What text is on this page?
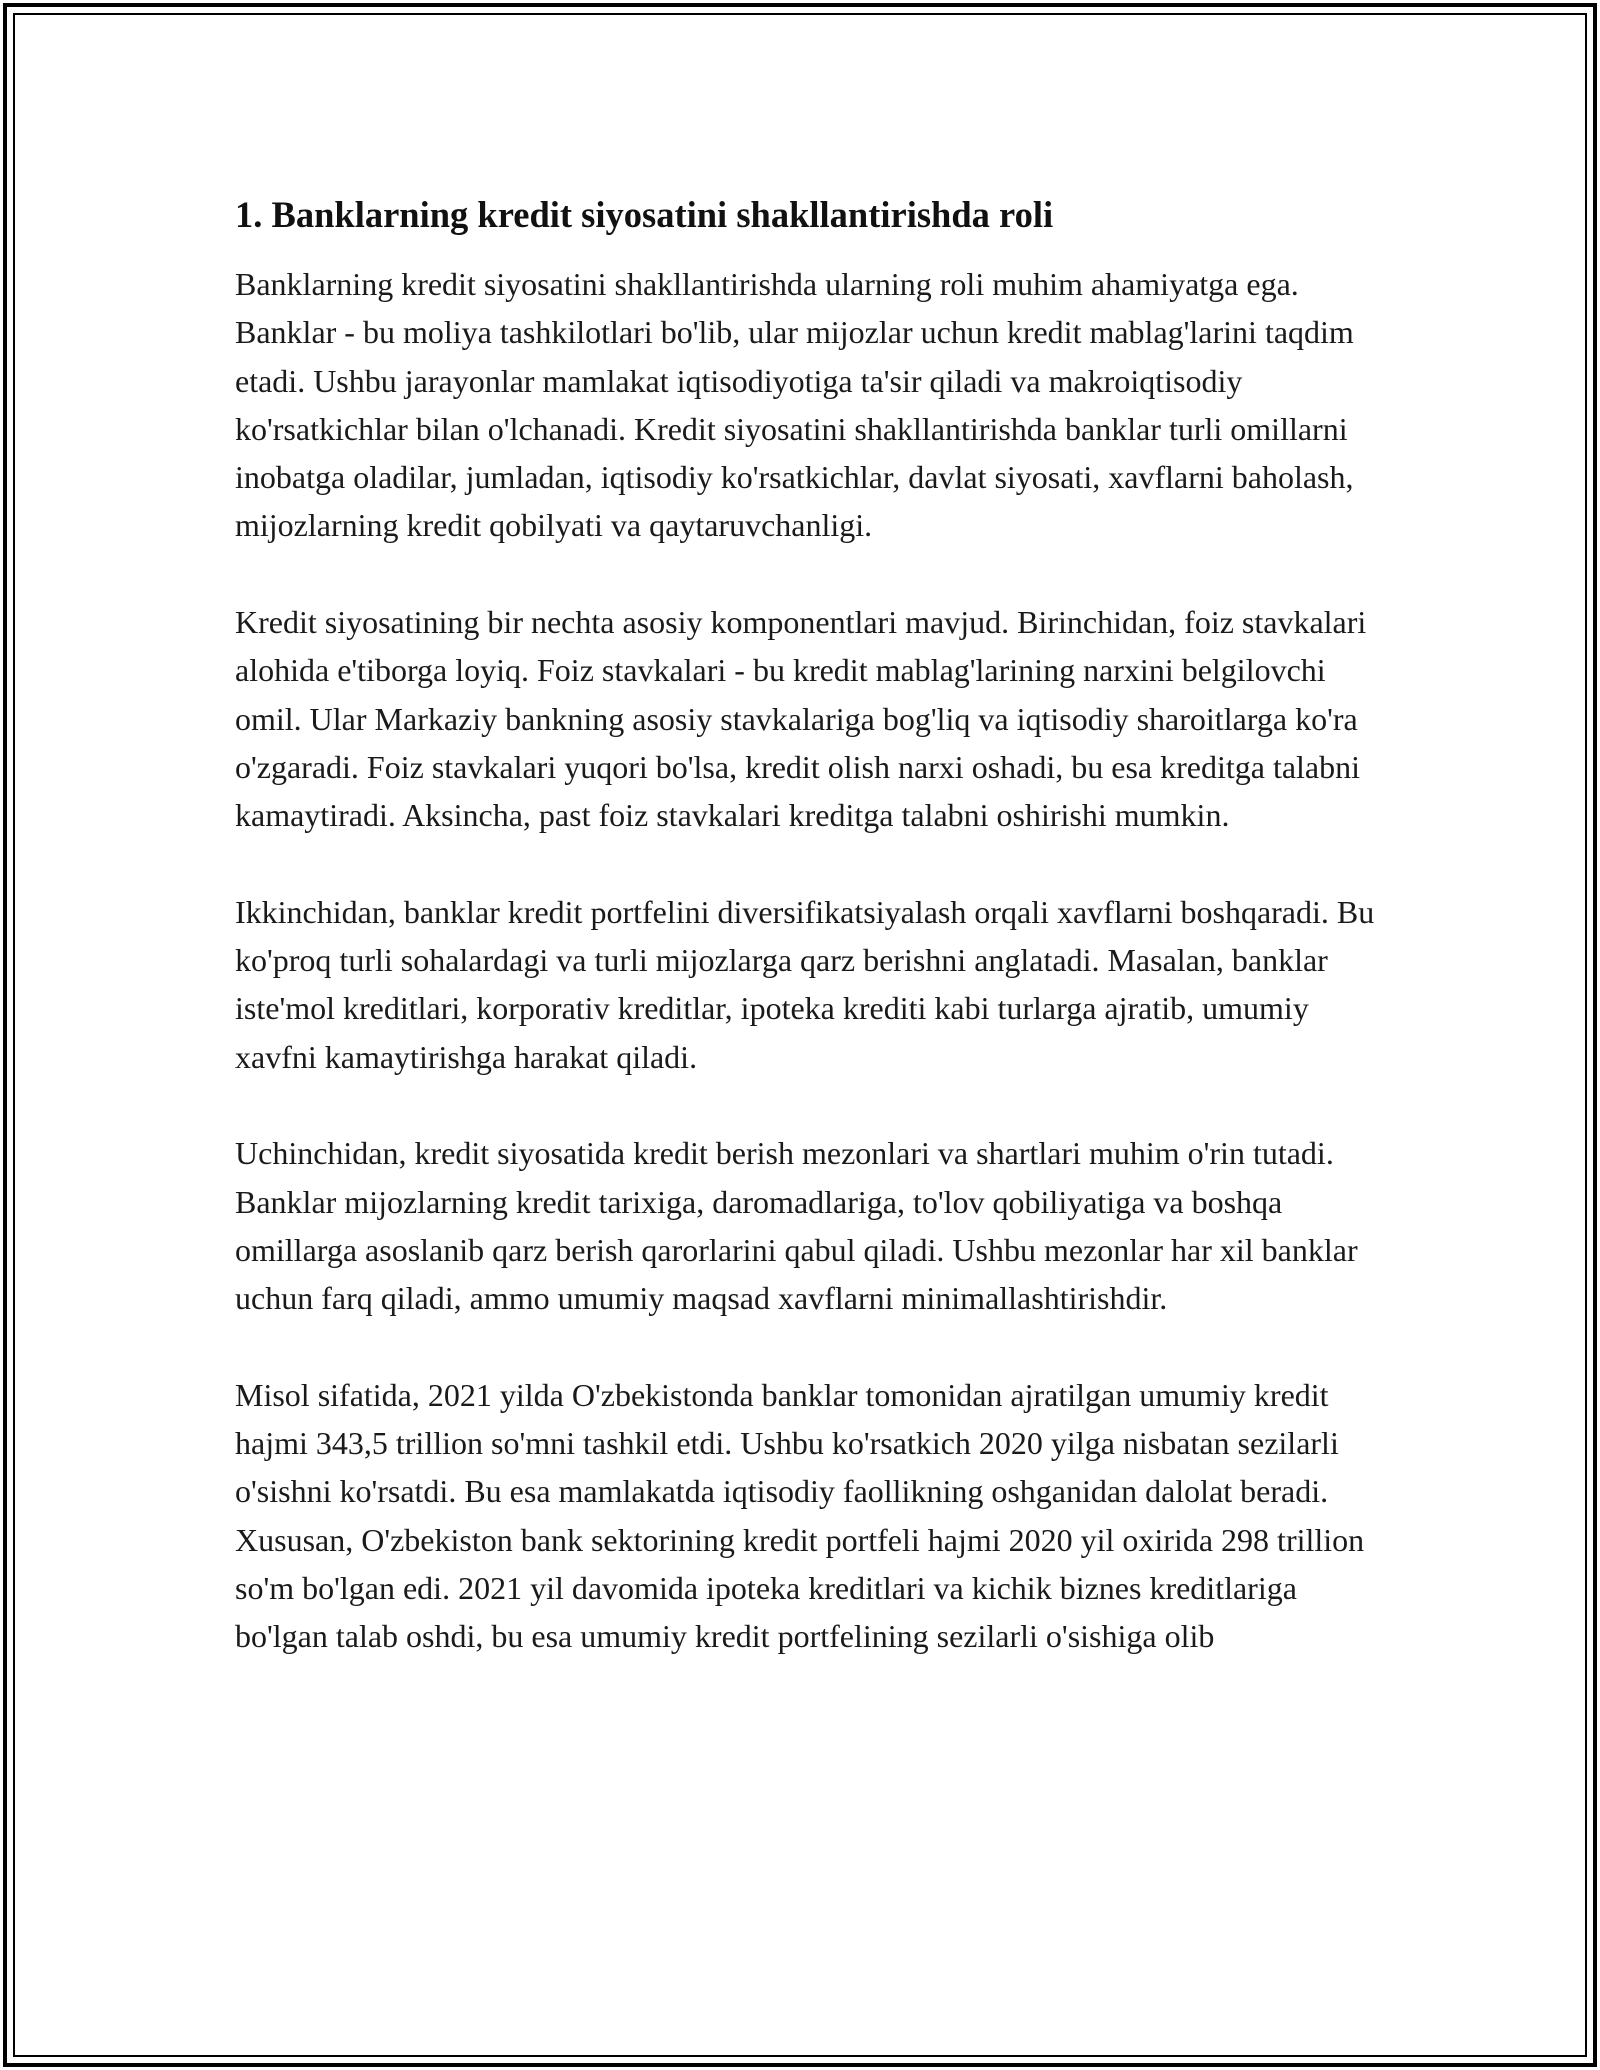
1. Banklarning kredit siyosatini shakllantirishda roli

Banklarning kredit siyosatini shakllantirishda ularning roli muhim ahamiyatga ega. Banklar - bu moliya tashkilotlari bo'lib, ular mijozlar uchun kredit mablag'larini taqdim etadi. Ushbu jarayonlar mamlakat iqtisodiyotiga ta'sir qiladi va makroiqtisodiy ko'rsatkichlar bilan o'lchanadi. Kredit siyosatini shakllantirishda banklar turli omillarni inobatga oladilar, jumladan, iqtisodiy ko'rsatkichlar, davlat siyosati, xavflarni baholash, mijozlarning kredit qobilyati va qaytaruvchanligi.

Kredit siyosatining bir nechta asosiy komponentlari mavjud. Birinchidan, foiz stavkalari alohida e'tiborga loyiq. Foiz stavkalari - bu kredit mablag'larining narxini belgilovchi omil. Ular Markaziy bankning asosiy stavkalariga bog'liq va iqtisodiy sharoitlarga ko'ra o'zgaradi. Foiz stavkalari yuqori bo'lsa, kredit olish narxi oshadi, bu esa kreditga talabni kamaytiradi. Aksincha, past foiz stavkalari kreditga talabni oshirishi mumkin.

Ikkinchidan, banklar kredit portfelini diversifikatsiyalash orqali xavflarni boshqaradi. Bu ko'proq turli sohalardagi va turli mijozlarga qarz berishni anglatadi. Masalan, banklar iste'mol kreditlari, korporativ kreditlar, ipoteka krediti kabi turlarga ajratib, umumiy xavfni kamaytirishga harakat qiladi.

Uchinchidan, kredit siyosatida kredit berish mezonlari va shartlari muhim o'rin tutadi. Banklar mijozlarning kredit tarixiga, daromadlariga, to'lov qobiliyatiga va boshqa omillarga asoslanib qarz berish qarorlarini qabul qiladi. Ushbu mezonlar har xil banklar uchun farq qiladi, ammo umumiy maqsad xavflarni minimallashtirishdir.

Misol sifatida, 2021 yilda O'zbekistonda banklar tomonidan ajratilgan umumiy kredit hajmi 343,5 trillion so'mni tashkil etdi. Ushbu ko'rsatkich 2020 yilga nisbatan sezilarli o'sishni ko'rsatdi. Bu esa mamlakatda iqtisodiy faollikning oshganidan dalolat beradi. Xususan, O'zbekiston bank sektorining kredit portfeli hajmi 2020 yil oxirida 298 trillion so'm bo'lgan edi. 2021 yil davomida ipoteka kreditlari va kichik biznes kreditlariga bo'lgan talab oshdi, bu esa umumiy kredit portfelining sezilarli o'sishiga olib
